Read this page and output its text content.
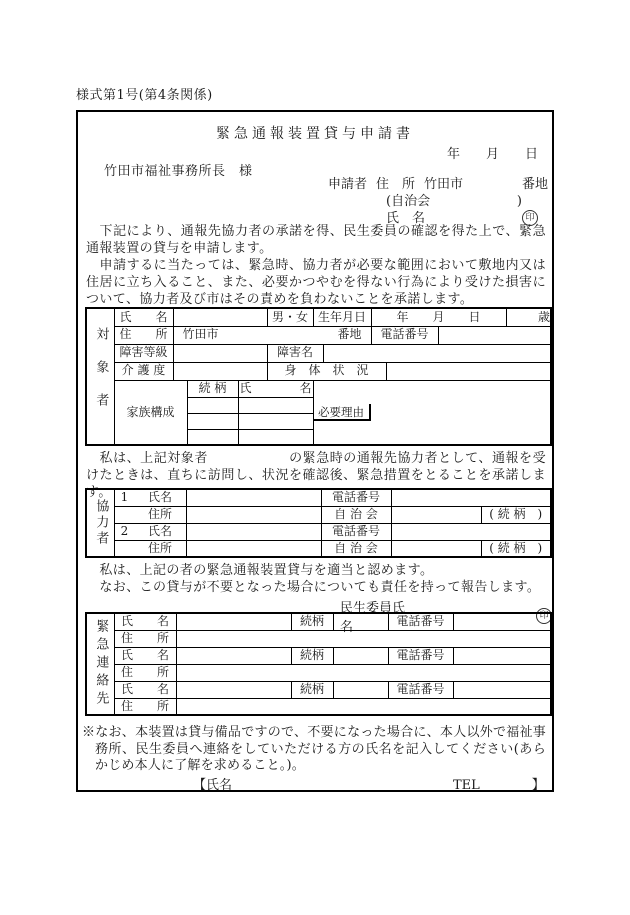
様式第1号(第4条関係)
緊急通報装置貸与申請書
年　　月　　日
竹田市福祉事務所長　様
申請者 住　所 竹田市	番地
(自治会	)
氏　名	印
　下記により、通報先協力者の承諾を得、民生委員の確認を得た上で、緊急通報装置の貸与を申請します。
　申請するに当たっては、緊急時、協力者が必要な範囲において敷地内又は住居に立ち入ること、また、必要かつやむを得ない行為により受けた損害について、協力者及び市はその責めを負わないことを承諾します。
対象者	氏　　名				男・女	生年月日		年　　月　　日			歳
	住　　所	竹田市 番地						電話番号			
	障害等級				障害名						
	介 護 度				身　体　状　況						
	家族構成		続 柄	氏　　　　名		必要理由					

　私は、上記対象者　　　　　　の緊急時の通報先協力者として、通報を受けたときは、直ちに訪問し、状況を確認後、緊急措置をとることを承諾します。
協力者	1 氏名		電話番号		

	住所		自 治 会		( 続 柄　)

	2 氏名		電話番号		

	住所		自 治 会		( 続 柄　)
　私は、上記の者の緊急通報装置貸与を適当と認めます。
　なお、この貸与が不要となった場合についても責任を持って報告します。
民生委員氏名
印
緊急連絡先	氏　　名		続柄		電話番号	
	住　　所					
	氏　　名		続柄		電話番号	
	住　　所					
	氏　　名		続柄		電話番号	
	住　　所					
※なお、本装置は貸与備品ですので、不要になった場合に、本人以外で福祉事務所、民生委員へ連絡をしていただける方の氏名を記入してください(あらかじめ本人に了解を求めること。)。
【氏名　　　　　　　　　　　　　　　　　TEL　　　　】
